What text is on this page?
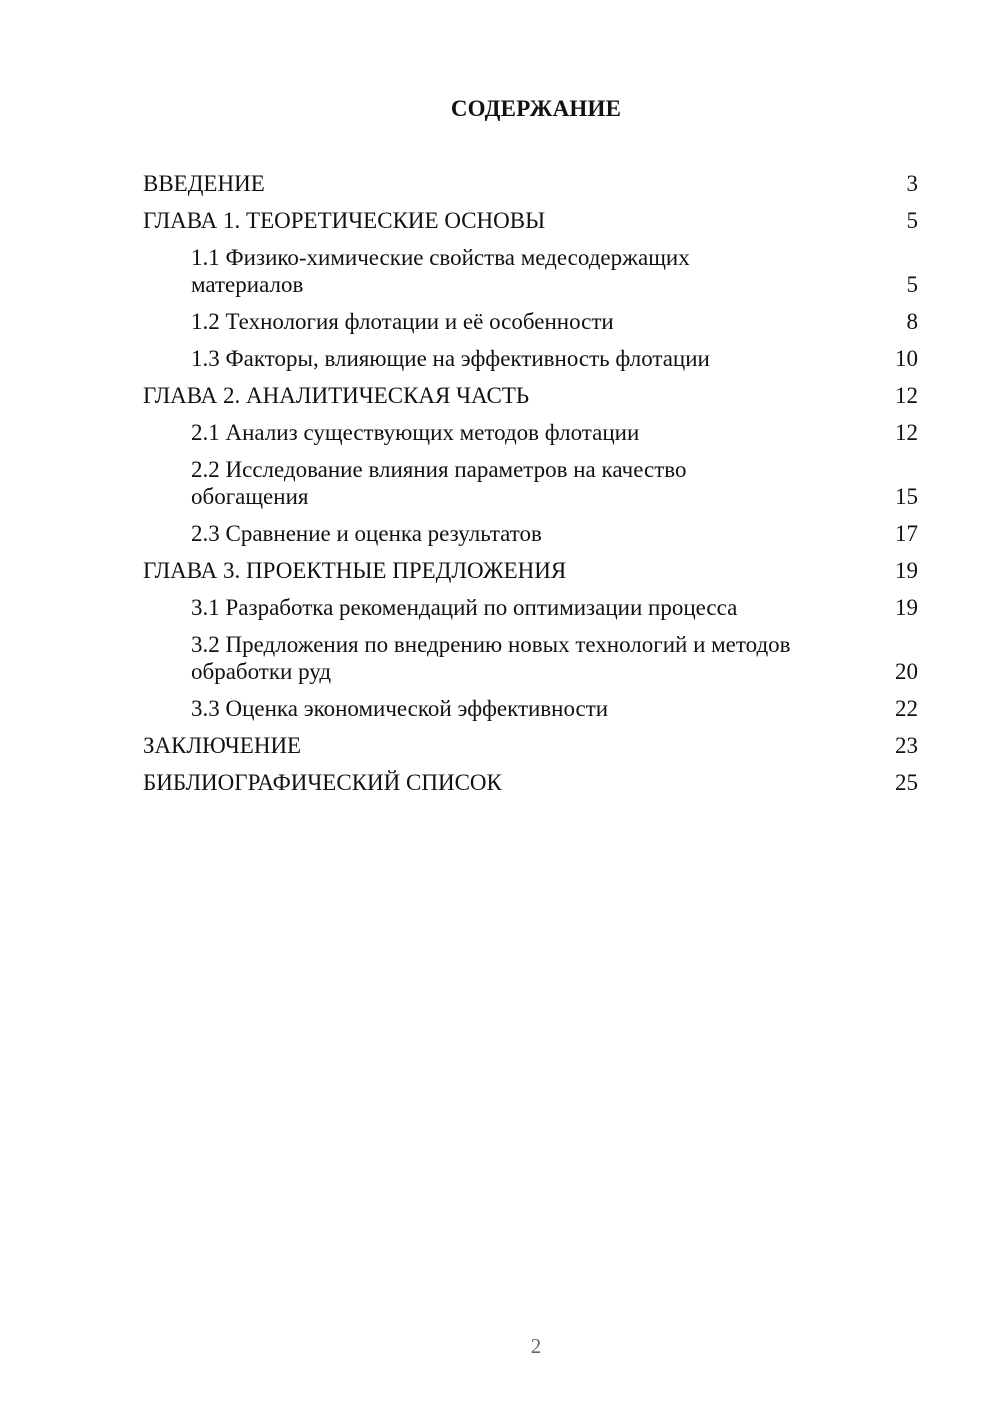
СОДЕРЖАНИЕ
ВВЕДЕНИЕ	3
ГЛАВА 1. ТЕОРЕТИЧЕСКИЕ ОСНОВЫ	5
1.1 Физико-химические свойства медесодержащих материалов	5
1.2 Технология флотации и её особенности	8
1.3 Факторы, влияющие на эффективность флотации	10
ГЛАВА 2. АНАЛИТИЧЕСКАЯ ЧАСТЬ	12
2.1 Анализ существующих методов флотации	12
2.2 Исследование влияния параметров на качество обогащения	15
2.3 Сравнение и оценка результатов	17
ГЛАВА 3. ПРОЕКТНЫЕ ПРЕДЛОЖЕНИЯ	19
3.1 Разработка рекомендаций по оптимизации процесса	19
3.2 Предложения по внедрению новых технологий и методов обработки руд	20
3.3 Оценка экономической эффективности	22
ЗАКЛЮЧЕНИЕ	23
БИБЛИОГРАФИЧЕСКИЙ СПИСОК	25
2
